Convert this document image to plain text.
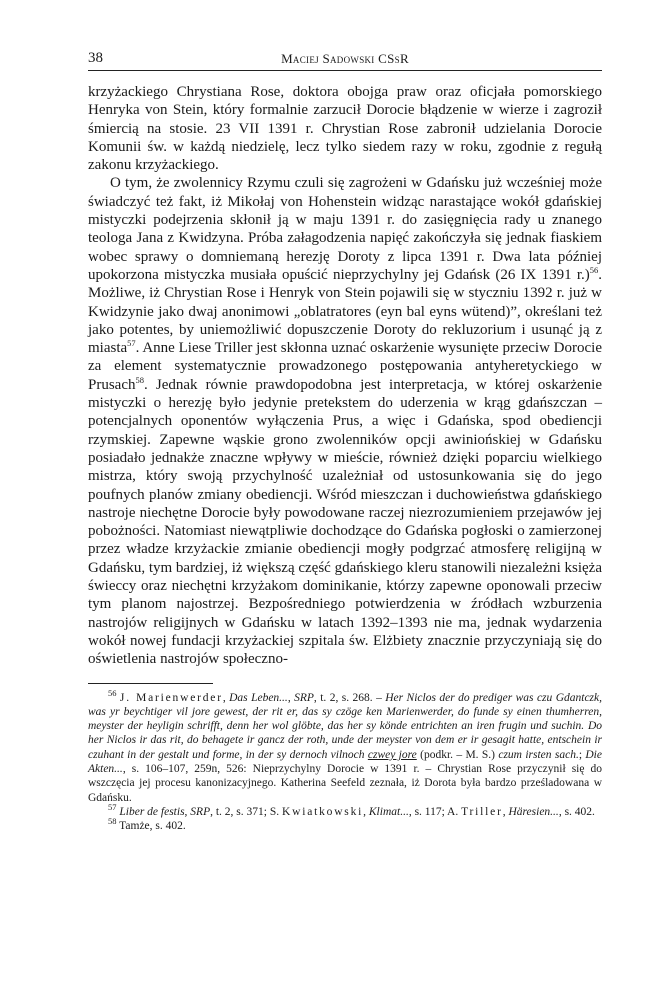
38	Maciej Sadowski CSsR

krzyżackiego Chrystiana Rose, doktora obojga praw oraz oficjała pomorskiego Henryka von Stein, który formalnie zarzucił Dorocie błądzenie w wierze i zagroził śmiercią na stosie. 23 VII 1391 r. Chrystian Rose zabronił udzielania Dorocie Komunii św. w każdą niedzielę, lecz tylko siedem razy w roku, zgodnie z regułą zakonu krzyżackiego.

O tym, że zwolennicy Rzymu czuli się zagrożeni w Gdańsku już wcześniej może świadczyć też fakt, iż Mikołaj von Hohenstein widząc narastające wokół gdańskiej mistyczki podejrzenia skłonił ją w maju 1391 r. do zasięgnięcia rady u znanego teologa Jana z Kwidzyna. Próba załagodzenia napięć zakończyła się jednak fiaskiem wobec sprawy o domniemaną herezję Doroty z lipca 1391 r. Dwa lata później upokorzona mistyczka musiała opuścić nieprzychylny jej Gdańsk (26 IX 1391 r.)$^{56}$. Możliwe, iż Chrystian Rose i Henryk von Stein pojawili się w styczniu 1392 r. już w Kwidzynie jako dwaj anonimowi „oblatratores (eyn bal eyns wütend)”, określani też jako potentes, by uniemożliwić dopuszczenie Doroty do rekluzorium i usunąć ją z miasta$^{57}$. Anne Liese Triller jest skłonna uznać oskarżenie wysunięte przeciw Dorocie za element systematycznie prowadzonego postępowania antyheretyckiego w Prusach$^{58}$. Jednak równie prawdopodobna jest interpretacja, w której oskarżenie mistyczki o herezję było jedynie pretekstem do uderzenia w krąg gdańszczan – potencjalnych oponentów wyłączenia Prus, a więc i Gdańska, spod obediencji rzymskiej. Zapewne wąskie grono zwolenników opcji awiniońskiej w Gdańsku posiadało jednakże znaczne wpływy w mieście, również dzięki poparciu wielkiego mistrza, który swoją przychylność uzależniał od ustosunkowania się do jego poufnych planów zmiany obediencji. Wśród mieszczan i duchowieństwa gdańskiego nastroje niechętne Dorocie były powodowane raczej niezrozumieniem przejawów jej pobożności. Natomiast niewątpliwie dochodzące do Gdańska pogłoski o zamierzonej przez władze krzyżackie zmianie obediencji mogły podgrzać atmosferę religijną w Gdańsku, tym bardziej, iż większą część gdańskiego kleru stanowili niezależni księża świeccy oraz niechętni krzyżakom dominikanie, którzy zapewne oponowali przeciw tym planom najostrzej. Bezpośredniego potwierdzenia w źródłach wzburzenia nastrojów religijnych w Gdańsku w latach 1392–1393 nie ma, jednak wydarzenia wokół nowej fundacji krzyżackiej szpitala św. Elżbiety znacznie przyczyniają się do oświetlenia nastrojów społeczno-

$^{56}$ J. Marienwerder, Das Leben..., SRP, t. 2, s. 268. – Her Niclos der do prediger was czu Gdantczk, was yr beychtiger vil jore gewest, der rit er, das sy czöge ken Marienwerder, do funde sy einen thumherren, meyster der heyligin schrifft, denn her wol glöbte, das her sy könde entrichten an iren frugin und suchin. Do her Niclos ir das rit, do behagete ir gancz der roth, unde der meyster von dem er ir gesagit hatte, entschein ir czuhant in der gestalt und forme, in der sy dernoch vilnoch czwey jore (podkr. – M. S.) czum irsten sach.; Die Akten..., s. 106–107, 259n, 526: Nieprzychylny Dorocie w 1391 r. – Chrystian Rose przyczynił się do wszczęcia jej procesu kanonizacyjnego. Katherina Seefeld zeznała, iż Dorota była bardzo prześladowana w Gdańsku.

$^{57}$ Liber de festis, SRP, t. 2, s. 371; S. Kwiatkowski, Klimat..., s. 117; A. Triller, Häresien..., s. 402.

$^{58}$ Tamże, s. 402.
